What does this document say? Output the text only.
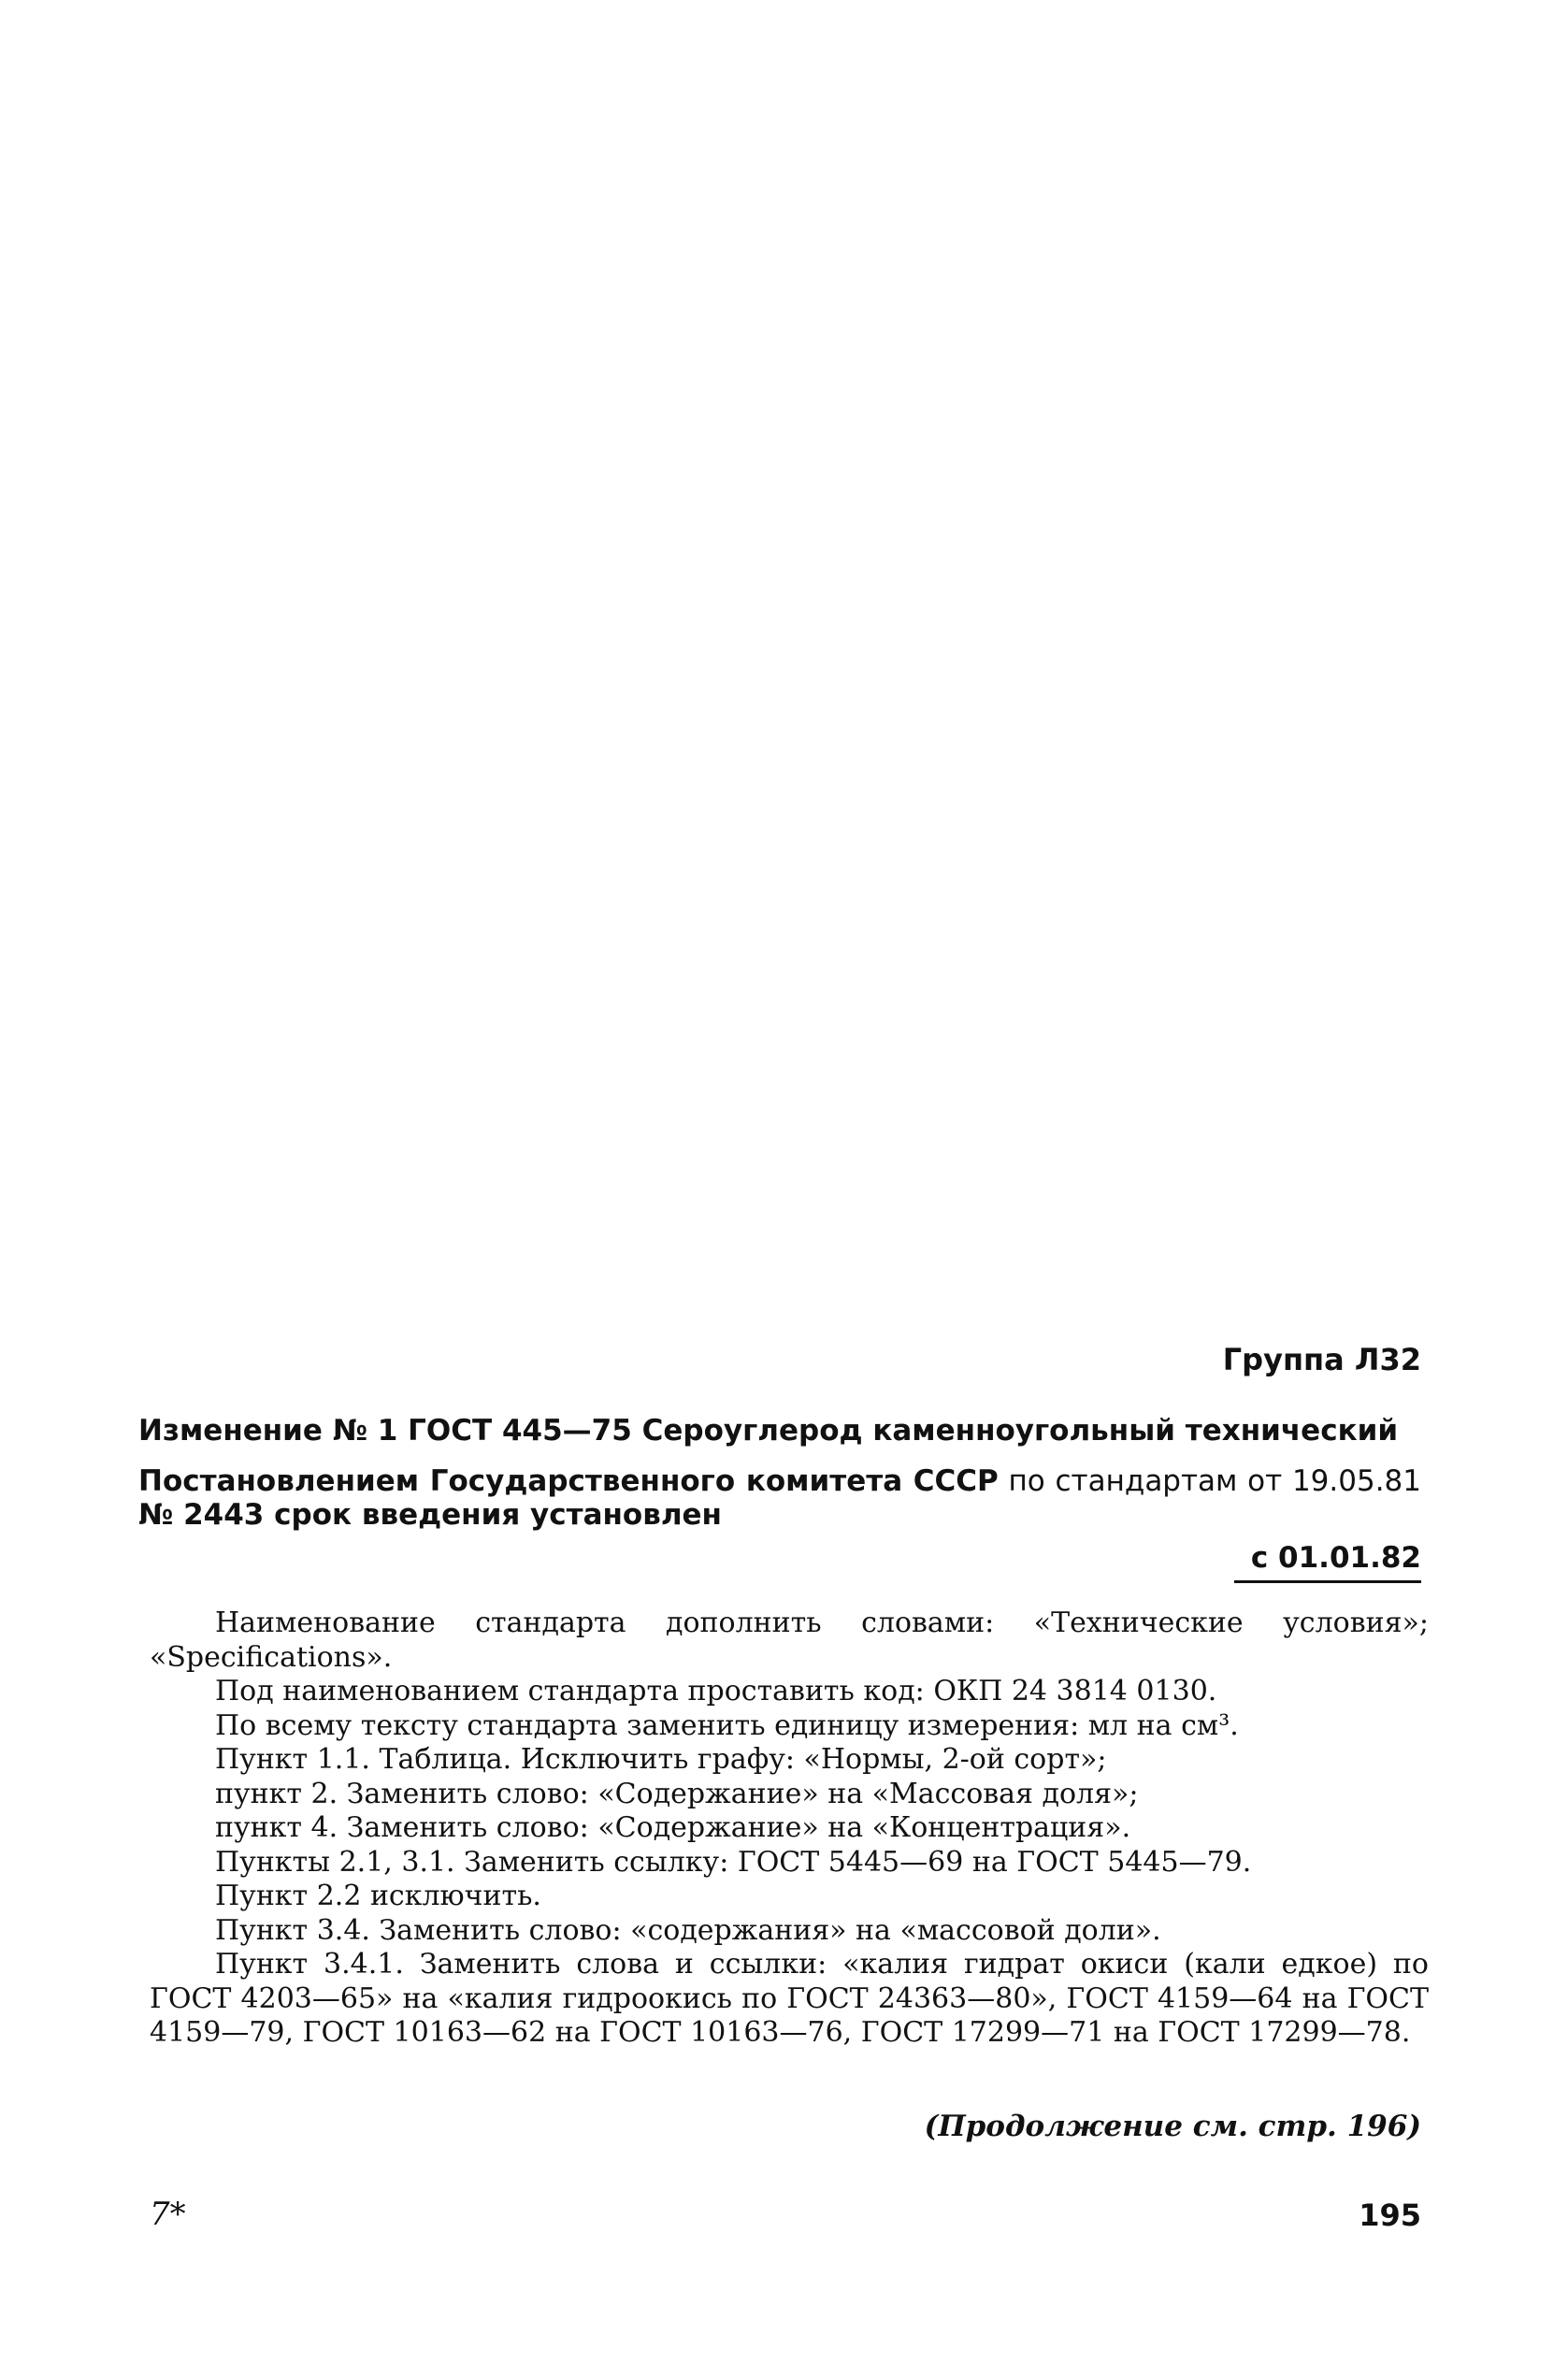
Группа Л32
Изменение № 1 ГОСТ 445—75 Сероуглерод каменноугольный технический
Постановлением Государственного комитета СССР по стандартам от 19.05.81 № 2443 срок введения установлен
с 01.01.82

Наименование стандарта дополнить словами: «Технические условия»; «Specifications».

Под наименованием стандарта проставить код: ОКП 24 3814 0130.

По всему тексту стандарта заменить единицу измерения: мл на см³.

Пункт 1.1. Таблица. Исключить графу: «Нормы, 2-ой сорт»;

пункт 2. Заменить слово: «Содержание» на «Массовая доля»;

пункт 4. Заменить слово: «Содержание» на «Концентрация».

Пункты 2.1, 3.1. Заменить ссылку: ГОСТ 5445—69 на ГОСТ 5445—79.

Пункт 2.2 исключить.

Пункт 3.4. Заменить слово: «содержания» на «массовой доли».

Пункт 3.4.1. Заменить слова и ссылки: «калия гидрат окиси (кали едкое) по ГОСТ 4203—65» на «калия гидроокись по ГОСТ 24363—80», ГОСТ 4159—64 на ГОСТ 4159—79, ГОСТ 10163—62 на ГОСТ 10163—76, ГОСТ 17299—71 на ГОСТ 17299—78.

(Продолжение см. стр. 196)
7*	195
